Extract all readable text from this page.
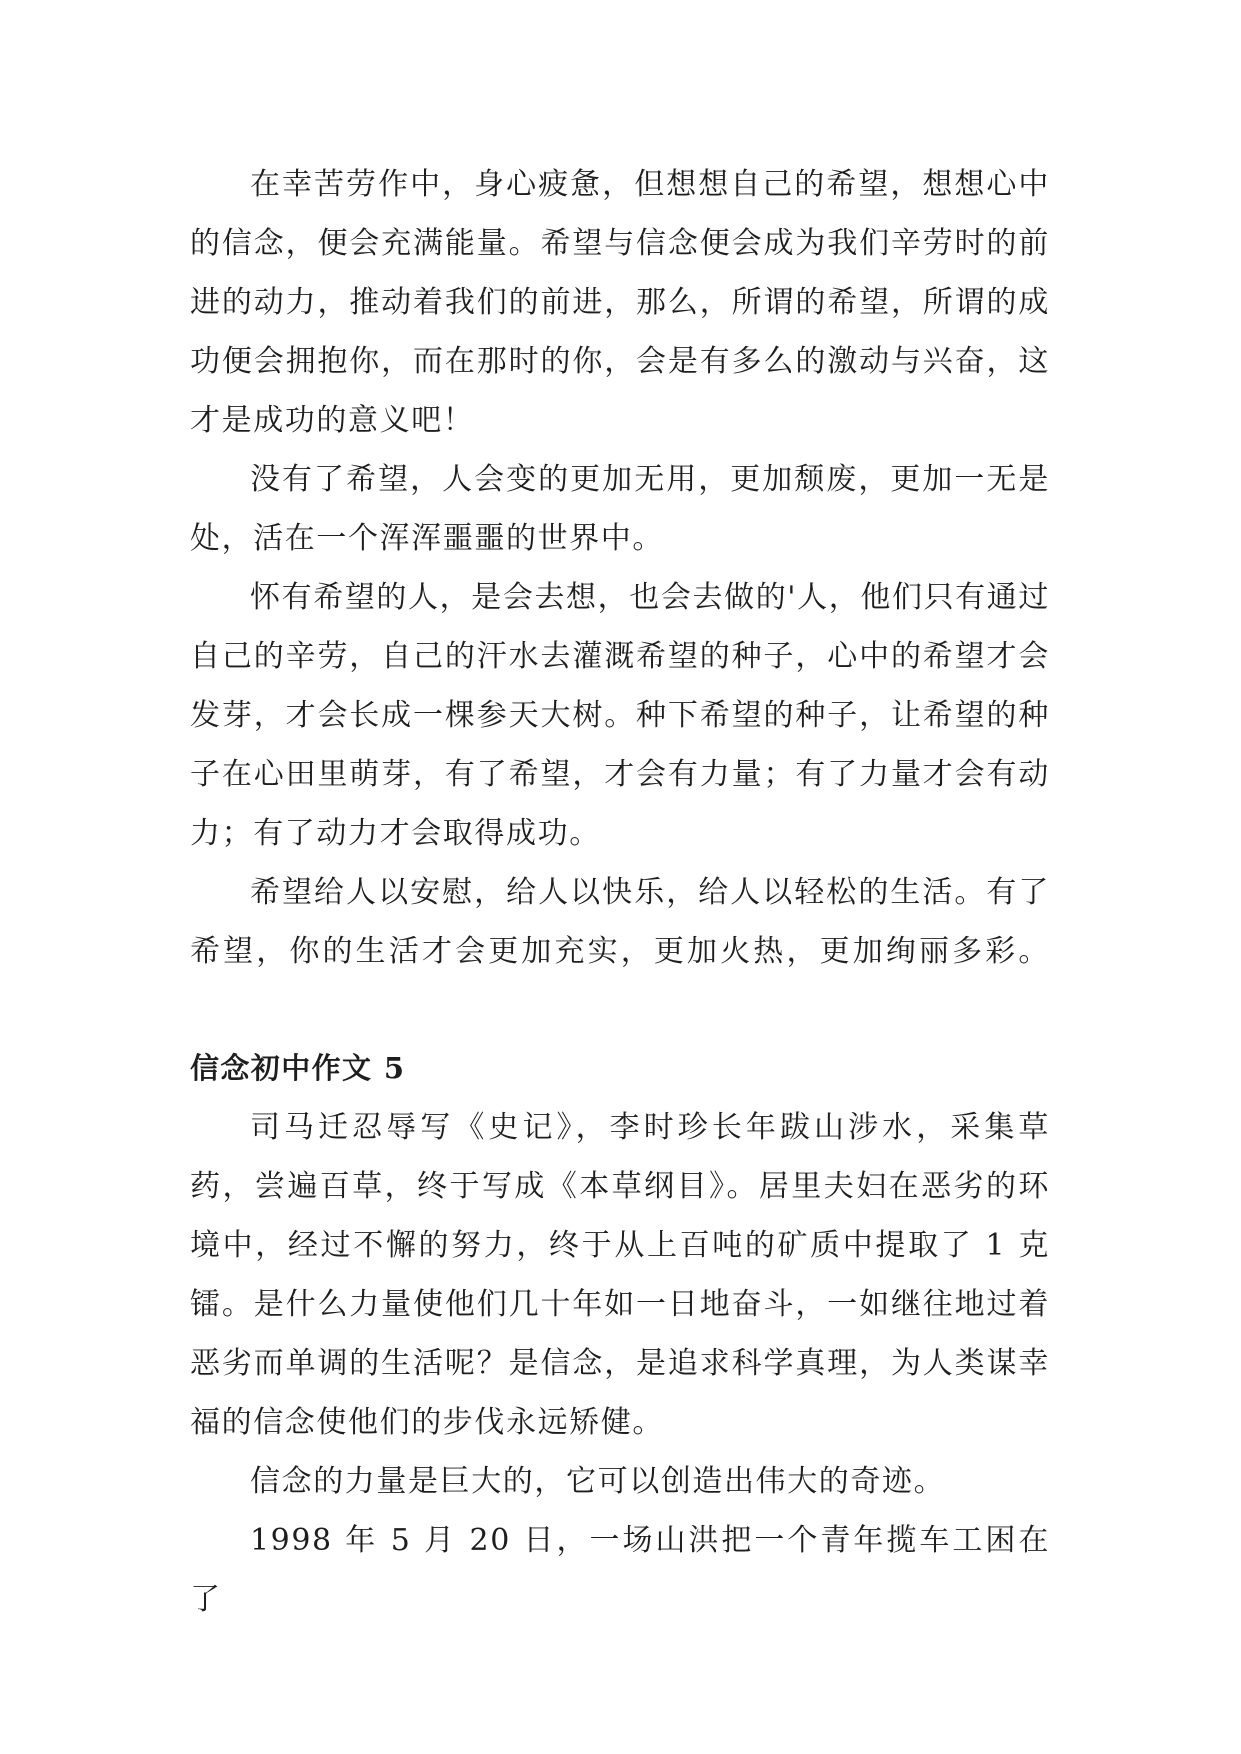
在幸苦劳作中，身心疲惫，但想想自己的希望，想想心中的信念，便会充满能量。希望与信念便会成为我们辛劳时的前进的动力，推动着我们的前进，那么，所谓的希望，所谓的成功便会拥抱你，而在那时的你，会是有多么的激动与兴奋，这才是成功的意义吧！

没有了希望，人会变的更加无用，更加颓废，更加一无是处，活在一个浑浑噩噩的世界中。

怀有希望的人，是会去想，也会去做的'人，他们只有通过自己的辛劳，自己的汗水去灌溉希望的种子，心中的希望才会发芽，才会长成一棵参天大树。种下希望的种子，让希望的种子在心田里萌芽，有了希望，才会有力量；有了力量才会有动力；有了动力才会取得成功。

希望给人以安慰，给人以快乐，给人以轻松的生活。有了希望，你的生活才会更加充实，更加火热，更加绚丽多彩。

信念初中作文 5

司马迁忍辱写《史记》，李时珍长年跋山涉水，采集草药，尝遍百草，终于写成《本草纲目》。居里夫妇在恶劣的环境中，经过不懈的努力，终于从上百吨的矿质中提取了 1 克镭。是什么力量使他们几十年如一日地奋斗，一如继往地过着恶劣而单调的生活呢？是信念，是追求科学真理，为人类谋幸福的信念使他们的步伐永远矫健。

信念的力量是巨大的，它可以创造出伟大的奇迹。

1998 年 5 月 20 日，一场山洪把一个青年揽车工困在了
